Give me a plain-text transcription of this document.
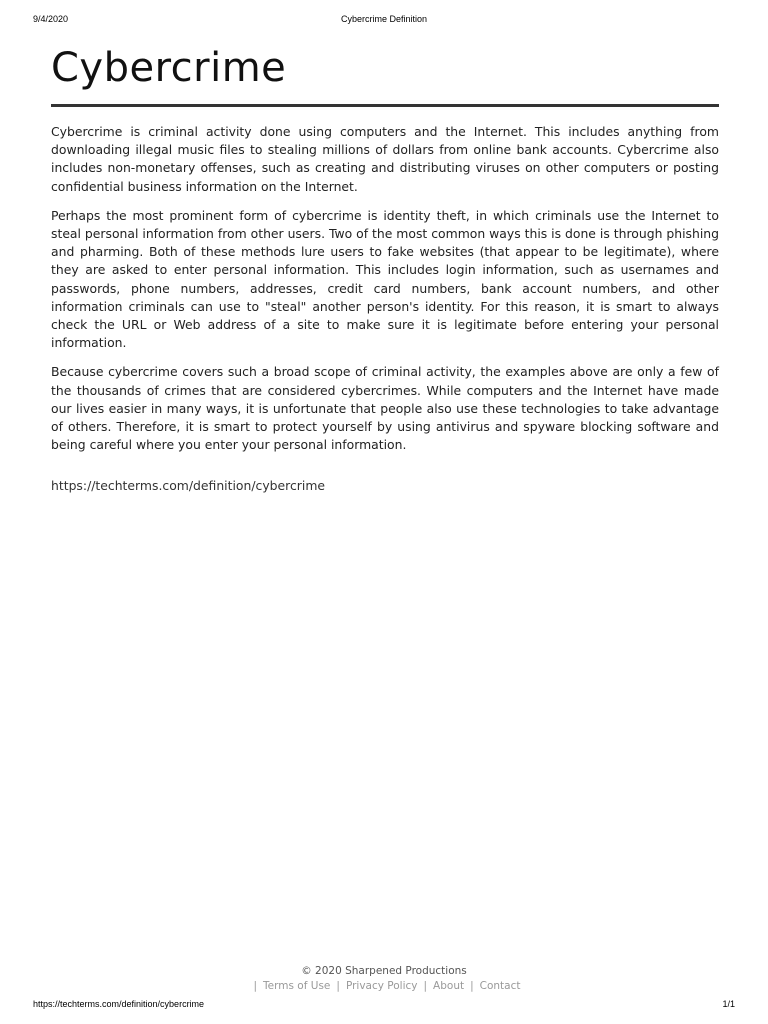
9/4/2020	Cybercrime Definition
Cybercrime

Cybercrime is criminal activity done using computers and the Internet. This includes anything from downloading illegal music files to stealing millions of dollars from online bank accounts. Cybercrime also includes non-monetary offenses, such as creating and distributing viruses on other computers or posting confidential business information on the Internet.

Perhaps the most prominent form of cybercrime is identity theft, in which criminals use the Internet to steal personal information from other users. Two of the most common ways this is done is through phishing and pharming. Both of these methods lure users to fake websites (that appear to be legitimate), where they are asked to enter personal information. This includes login information, such as usernames and passwords, phone numbers, addresses, credit card numbers, bank account numbers, and other information criminals can use to "steal" another person's identity. For this reason, it is smart to always check the URL or Web address of a site to make sure it is legitimate before entering your personal information.

Because cybercrime covers such a broad scope of criminal activity, the examples above are only a few of the thousands of crimes that are considered cybercrimes. While computers and the Internet have made our lives easier in many ways, it is unfortunate that people also use these technologies to take advantage of others. Therefore, it is smart to protect yourself by using antivirus and spyware blocking software and being careful where you enter your personal information.

https://techterms.com/definition/cybercrime
© 2020 Sharpened Productions
| Terms of Use | Privacy Policy | About | Contact
https://techterms.com/definition/cybercrime	1/1
